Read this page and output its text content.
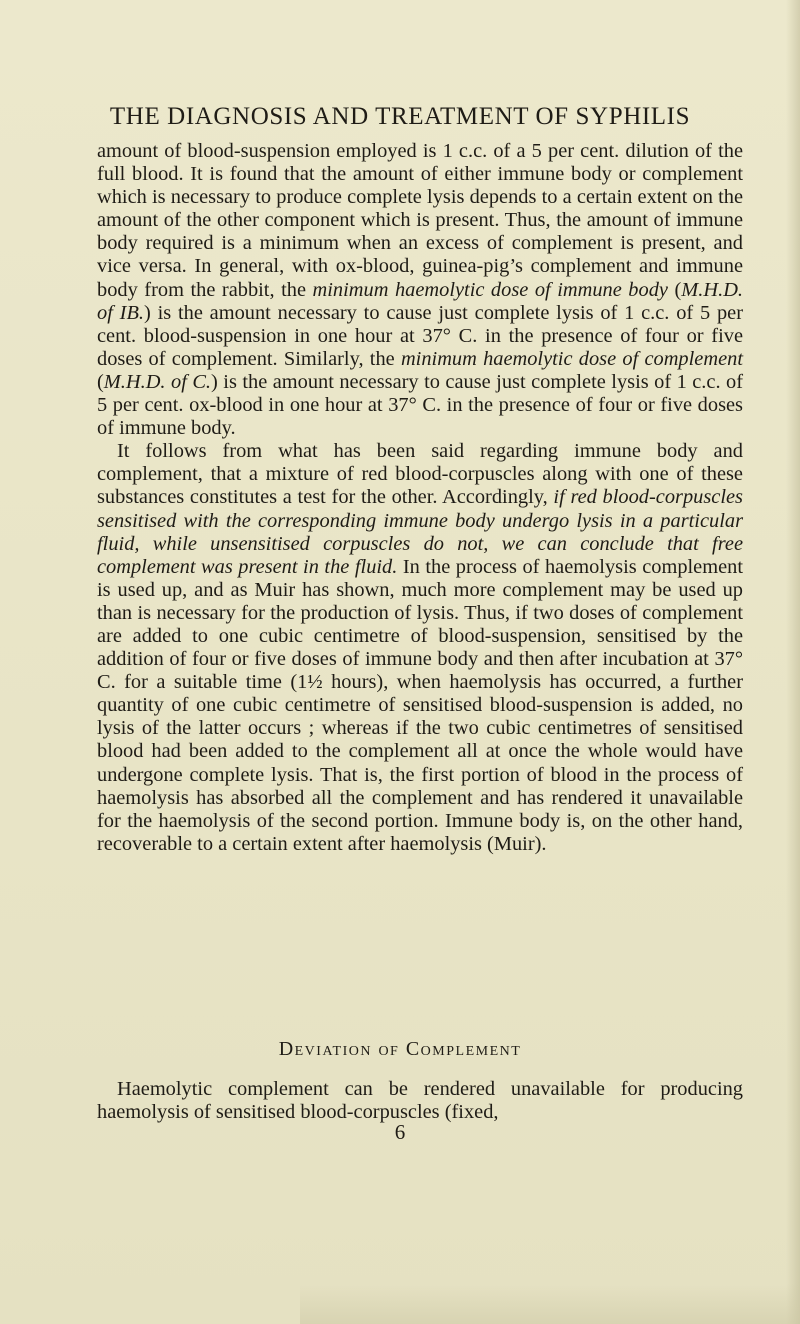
THE DIAGNOSIS AND TREATMENT OF SYPHILIS

amount of blood-suspension employed is 1 c.c. of a 5 per cent. dilution of the full blood. It is found that the amount of either immune body or complement which is necessary to produce complete lysis depends to a certain extent on the amount of the other component which is present. Thus, the amount of immune body required is a minimum when an excess of complement is present, and vice versa. In general, with ox-blood, guinea-pig’s complement and immune body from the rabbit, the minimum haemolytic dose of immune body (M.H.D. of IB.) is the amount necessary to cause just complete lysis of 1 c.c. of 5 per cent. blood-suspension in one hour at 37° C. in the presence of four or five doses of complement. Similarly, the minimum haemolytic dose of complement (M.H.D. of C.) is the amount necessary to cause just complete lysis of 1 c.c. of 5 per cent. ox-blood in one hour at 37° C. in the presence of four or five doses of immune body.

It follows from what has been said regarding immune body and complement, that a mixture of red blood-corpuscles along with one of these substances constitutes a test for the other. Accordingly, if red blood-corpuscles sensitised with the corresponding immune body undergo lysis in a particular fluid, while unsensitised corpuscles do not, we can conclude that free complement was present in the fluid. In the process of haemolysis complement is used up, and as Muir has shown, much more complement may be used up than is necessary for the production of lysis. Thus, if two doses of complement are added to one cubic centimetre of blood-suspension, sensitised by the addition of four or five doses of immune body and then after incubation at 37° C. for a suitable time (1½ hours), when haemolysis has occurred, a further quantity of one cubic centimetre of sensitised blood-suspension is added, no lysis of the latter occurs ; whereas if the two cubic centimetres of sensitised blood had been added to the complement all at once the whole would have undergone complete lysis. That is, the first portion of blood in the process of haemolysis has absorbed all the complement and has rendered it unavailable for the haemolysis of the second portion. Immune body is, on the other hand, recoverable to a certain extent after haemolysis (Muir).

Deviation of Complement

Haemolytic complement can be rendered unavailable for producing haemolysis of sensitised blood-corpuscles (fixed,

6
